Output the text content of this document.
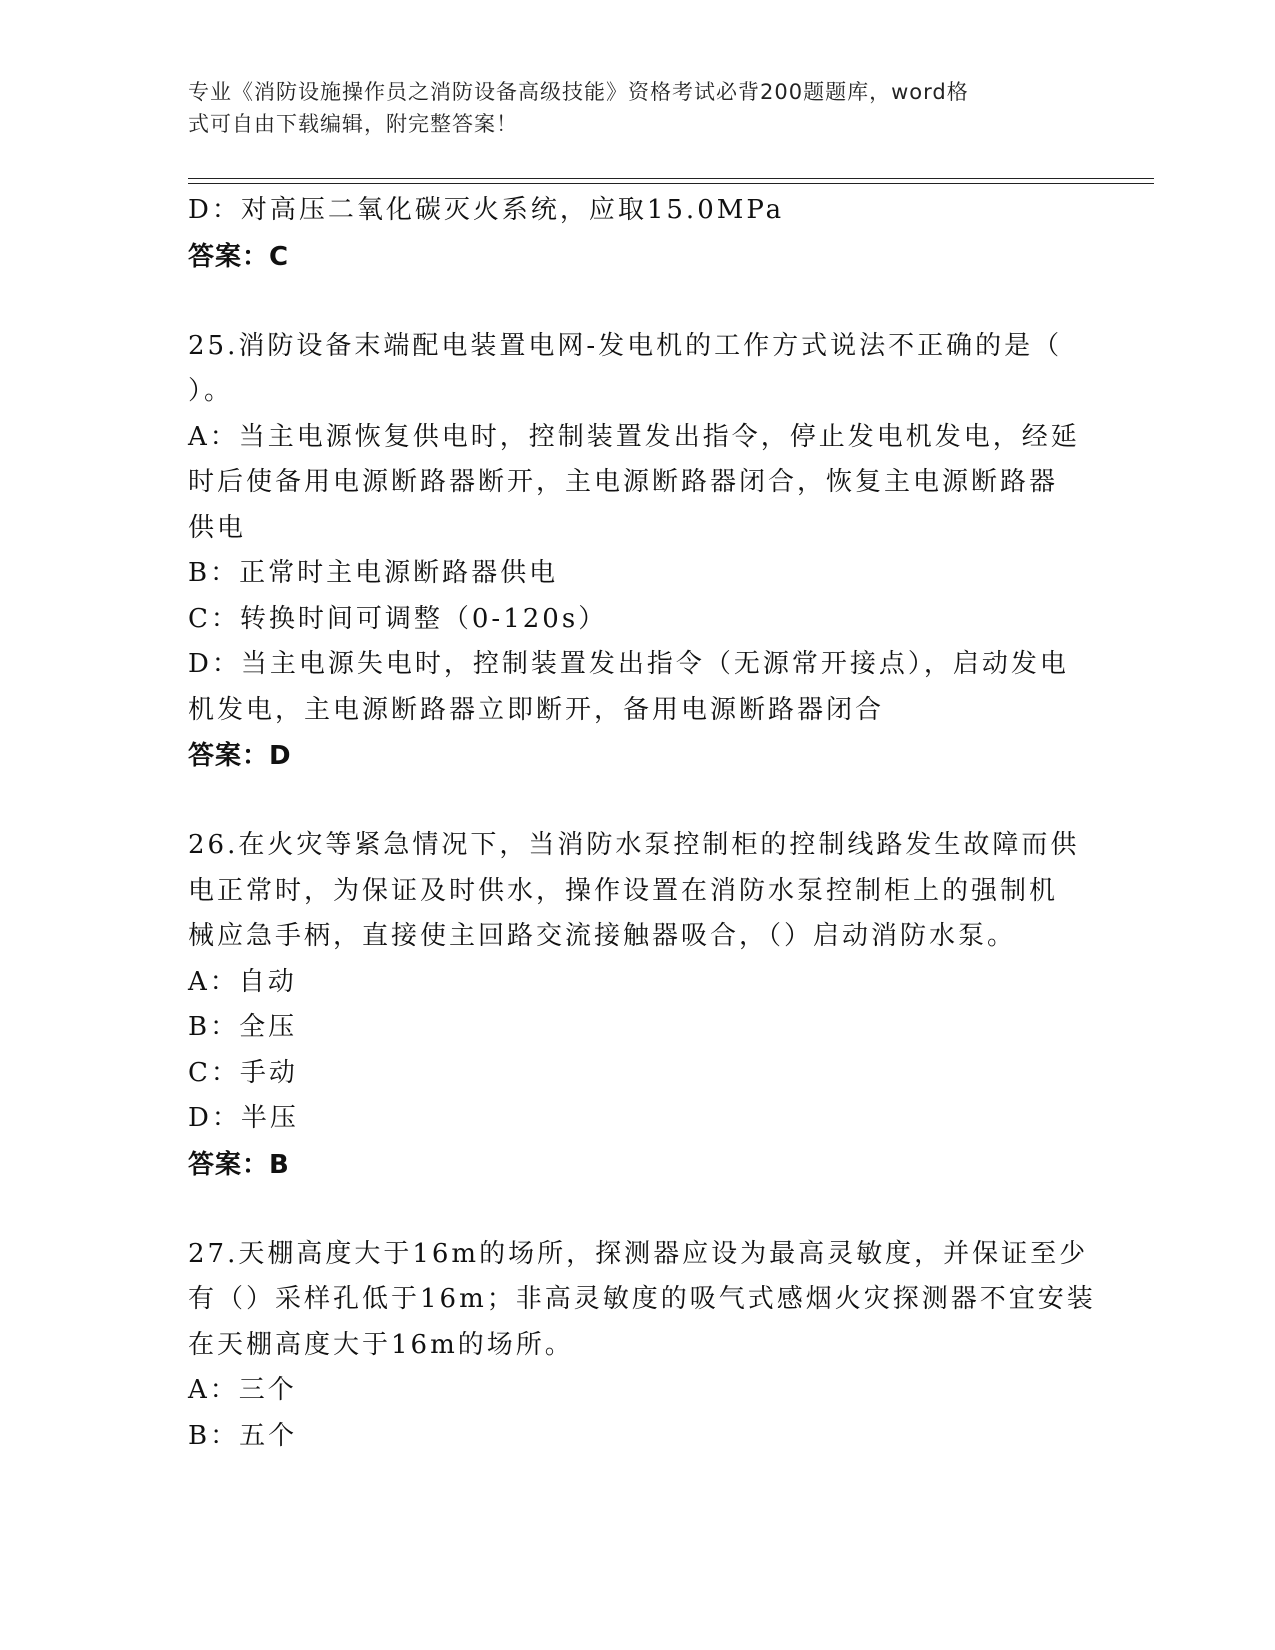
专业《消防设施操作员之消防设备高级技能》资格考试必背200题题库，word格
式可自由下载编辑，附完整答案！
D：对高压二氧化碳灭火系统，应取15.0MPa
答案：C
25.消防设备末端配电装置电网-发电机的工作方式说法不正确的是（
）。
A：当主电源恢复供电时，控制装置发出指令，停止发电机发电，经延
时后使备用电源断路器断开，主电源断路器闭合，恢复主电源断路器
供电
B：正常时主电源断路器供电
C：转换时间可调整（0-120s）
D：当主电源失电时，控制装置发出指令（无源常开接点），启动发电
机发电，主电源断路器立即断开，备用电源断路器闭合
答案：D
26.在火灾等紧急情况下，当消防水泵控制柜的控制线路发生故障而供
电正常时，为保证及时供水，操作设置在消防水泵控制柜上的强制机
械应急手柄，直接使主回路交流接触器吸合，（）启动消防水泵。
A：自动
B：全压
C：手动
D：半压
答案：B
27.天棚高度大于16m的场所，探测器应设为最高灵敏度，并保证至少
有（）采样孔低于16m；非高灵敏度的吸气式感烟火灾探测器不宜安装
在天棚高度大于16m的场所。
A：三个
B：五个
